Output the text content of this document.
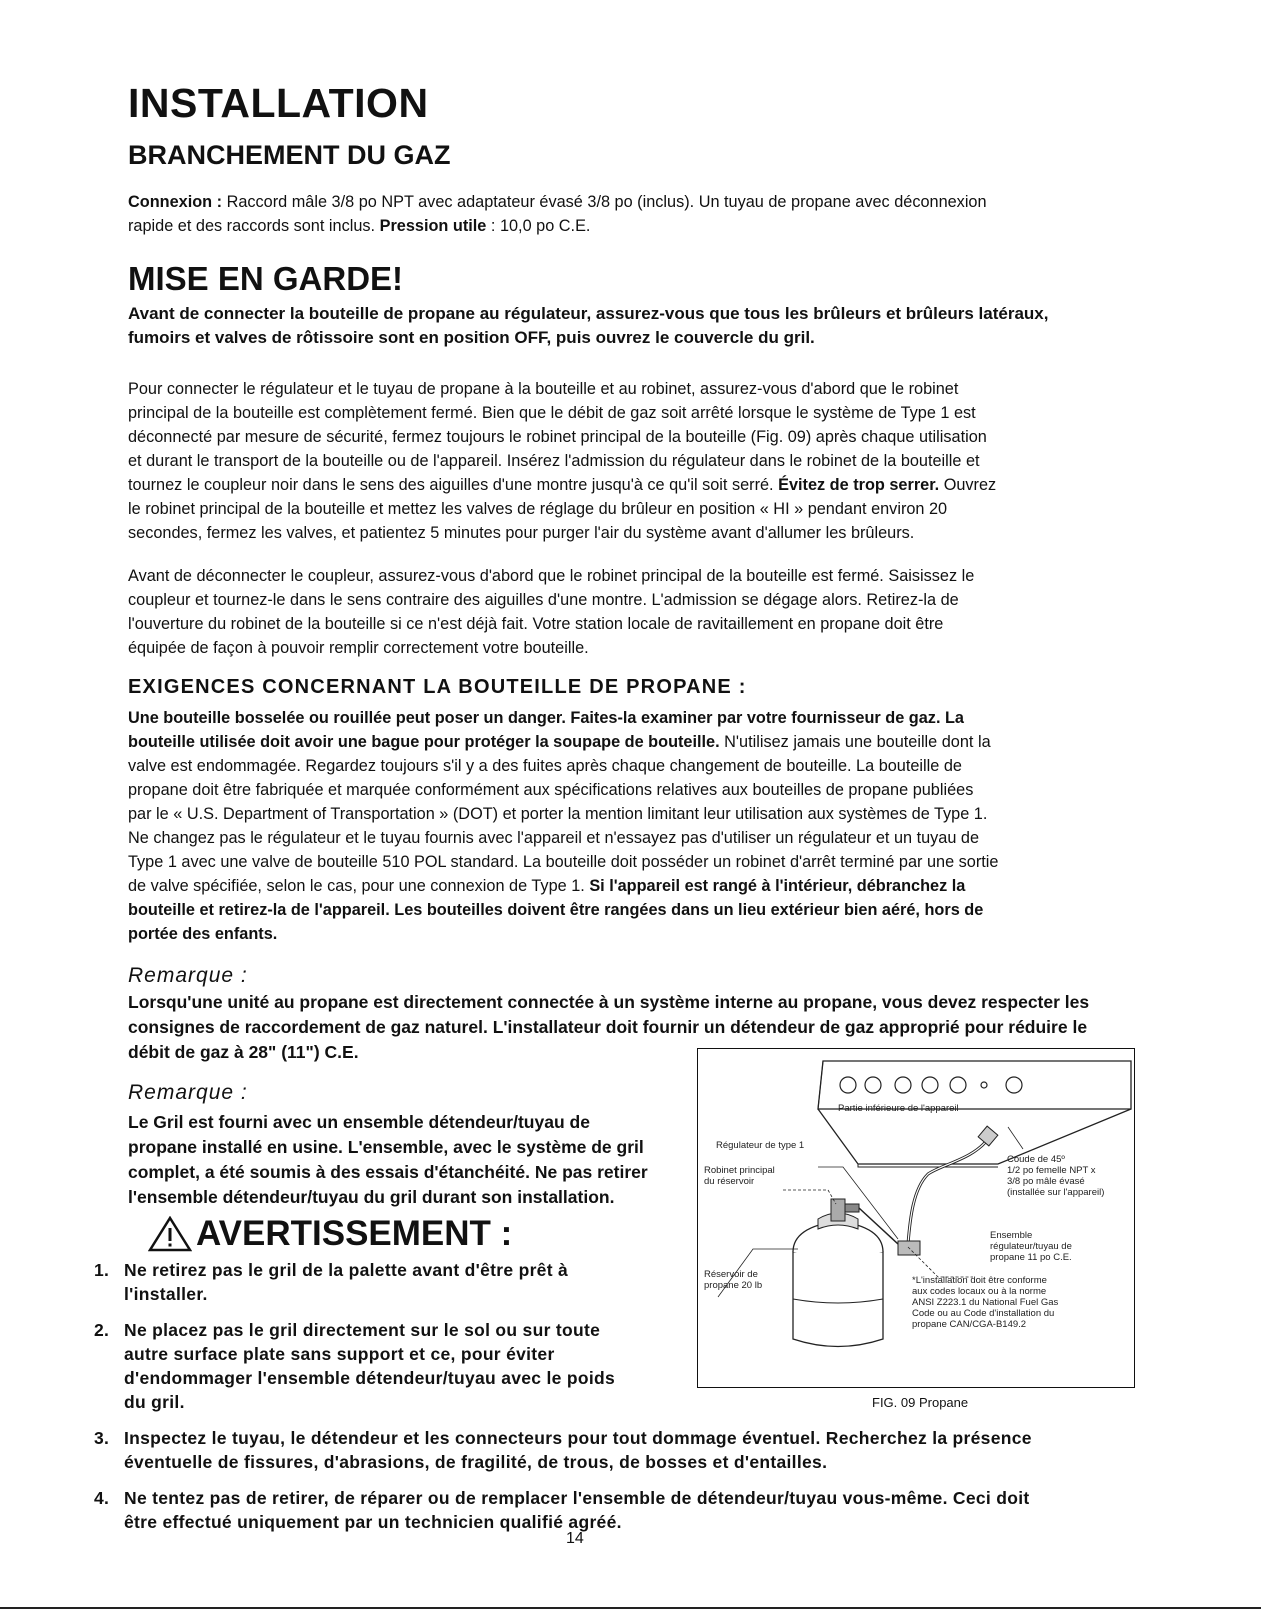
INSTALLATION
BRANCHEMENT DU GAZ
Connexion : Raccord mâle 3/8 po NPT avec adaptateur évasé 3/8 po (inclus). Un tuyau de propane avec déconnexion
rapide et des raccords sont inclus. Pression utile : 10,0 po C.E.
MISE EN GARDE!
Avant de connecter la bouteille de propane au régulateur, assurez-vous que tous les brûleurs et brûleurs latéraux,
fumoirs et valves de rôtissoire sont en position OFF, puis ouvrez le couvercle du gril.
Pour connecter le régulateur et le tuyau de propane à la bouteille et au robinet, assurez-vous d'abord que le robinet
principal de la bouteille est complètement fermé. Bien que le débit de gaz soit arrêté lorsque le système de Type 1 est
déconnecté par mesure de sécurité, fermez toujours le robinet principal de la bouteille (Fig. 09) après chaque utilisation
et durant le transport de la bouteille ou de l'appareil. Insérez l'admission du régulateur dans le robinet de la bouteille et
tournez le coupleur noir dans le sens des aiguilles d'une montre jusqu'à ce qu'il soit serré. Évitez de trop serrer. Ouvrez
le robinet principal de la bouteille et mettez les valves de réglage du brûleur en position « HI » pendant environ 20
secondes, fermez les valves, et patientez 5 minutes pour purger l'air du système avant d'allumer les brûleurs.
Avant de déconnecter le coupleur, assurez-vous d'abord que le robinet principal de la bouteille est fermé. Saisissez le
coupleur et tournez-le dans le sens contraire des aiguilles d'une montre. L'admission se dégage alors. Retirez-la de
l'ouverture du robinet de la bouteille si ce n'est déjà fait. Votre station locale de ravitaillement en propane doit être
équipée de façon à pouvoir remplir correctement votre bouteille.
EXIGENCES CONCERNANT LA BOUTEILLE DE PROPANE :
Une bouteille bosselée ou rouillée peut poser un danger. Faites-la examiner par votre fournisseur de gaz. La
bouteille utilisée doit avoir une bague pour protéger la soupape de bouteille. N'utilisez jamais une bouteille dont la
valve est endommagée. Regardez toujours s'il y a des fuites après chaque changement de bouteille. La bouteille de
propane doit être fabriquée et marquée conformément aux spécifications relatives aux bouteilles de propane publiées
par le « U.S. Department of Transportation » (DOT) et porter la mention limitant leur utilisation aux systèmes de Type 1.
Ne changez pas le régulateur et le tuyau fournis avec l'appareil et n'essayez pas d'utiliser un régulateur et un tuyau de
Type 1 avec une valve de bouteille 510 POL standard. La bouteille doit posséder un robinet d'arrêt terminé par une sortie
de valve spécifiée, selon le cas, pour une connexion de Type 1. Si l'appareil est rangé à l'intérieur, débranchez la
bouteille et retirez-la de l'appareil. Les bouteilles doivent être rangées dans un lieu extérieur bien aéré, hors de
portée des enfants.
Remarque :
Lorsqu'une unité au propane est directement connectée à un système interne au propane, vous devez respecter les
consignes de raccordement de gaz naturel. L'installateur doit fournir un détendeur de gaz approprié pour réduire le
débit de gaz à 28" (11") C.E.
Remarque :
Le Gril est fourni avec un ensemble détendeur/tuyau de
propane installé en usine. L'ensemble, avec le système de gril
complet, a été soumis à des essais d'étanchéité. Ne pas retirer
l'ensemble détendeur/tuyau du gril durant son installation.
AVERTISSEMENT :
1. Ne retirez pas le gril de la palette avant d'être prêt à
l'installer.
2. Ne placez pas le gril directement sur le sol ou sur toute
autre surface plate sans support et ce, pour éviter
d'endommager l'ensemble détendeur/tuyau avec le poids
du gril.
3. Inspectez le tuyau, le détendeur et les connecteurs pour tout dommage éventuel. Recherchez la présence
éventuelle de fissures, d'abrasions, de fragilité, de trous, de bosses et d'entailles.
4. Ne tentez pas de retirer, de réparer ou de remplacer l'ensemble de détendeur/tuyau vous-même. Ceci doit
être effectué uniquement par un technicien qualifié agréé.
Partie inférieure de l'appareil
Régulateur de type 1
Robinet principal
du réservoir
Coude de 45º
1/2 po femelle NPT x
3/8 po mâle évasé
(installée sur l'appareil)
Ensemble
régulateur/tuyau de
propane 11 po C.E.
Réservoir de
propane 20 lb	*L'installation doit être conforme
aux codes locaux ou à la norme
ANSI Z223.1 du National Fuel Gas
Code ou au Code d'installation du
propane CAN/CGA-B149.2
FIG. 09 Propane
14
